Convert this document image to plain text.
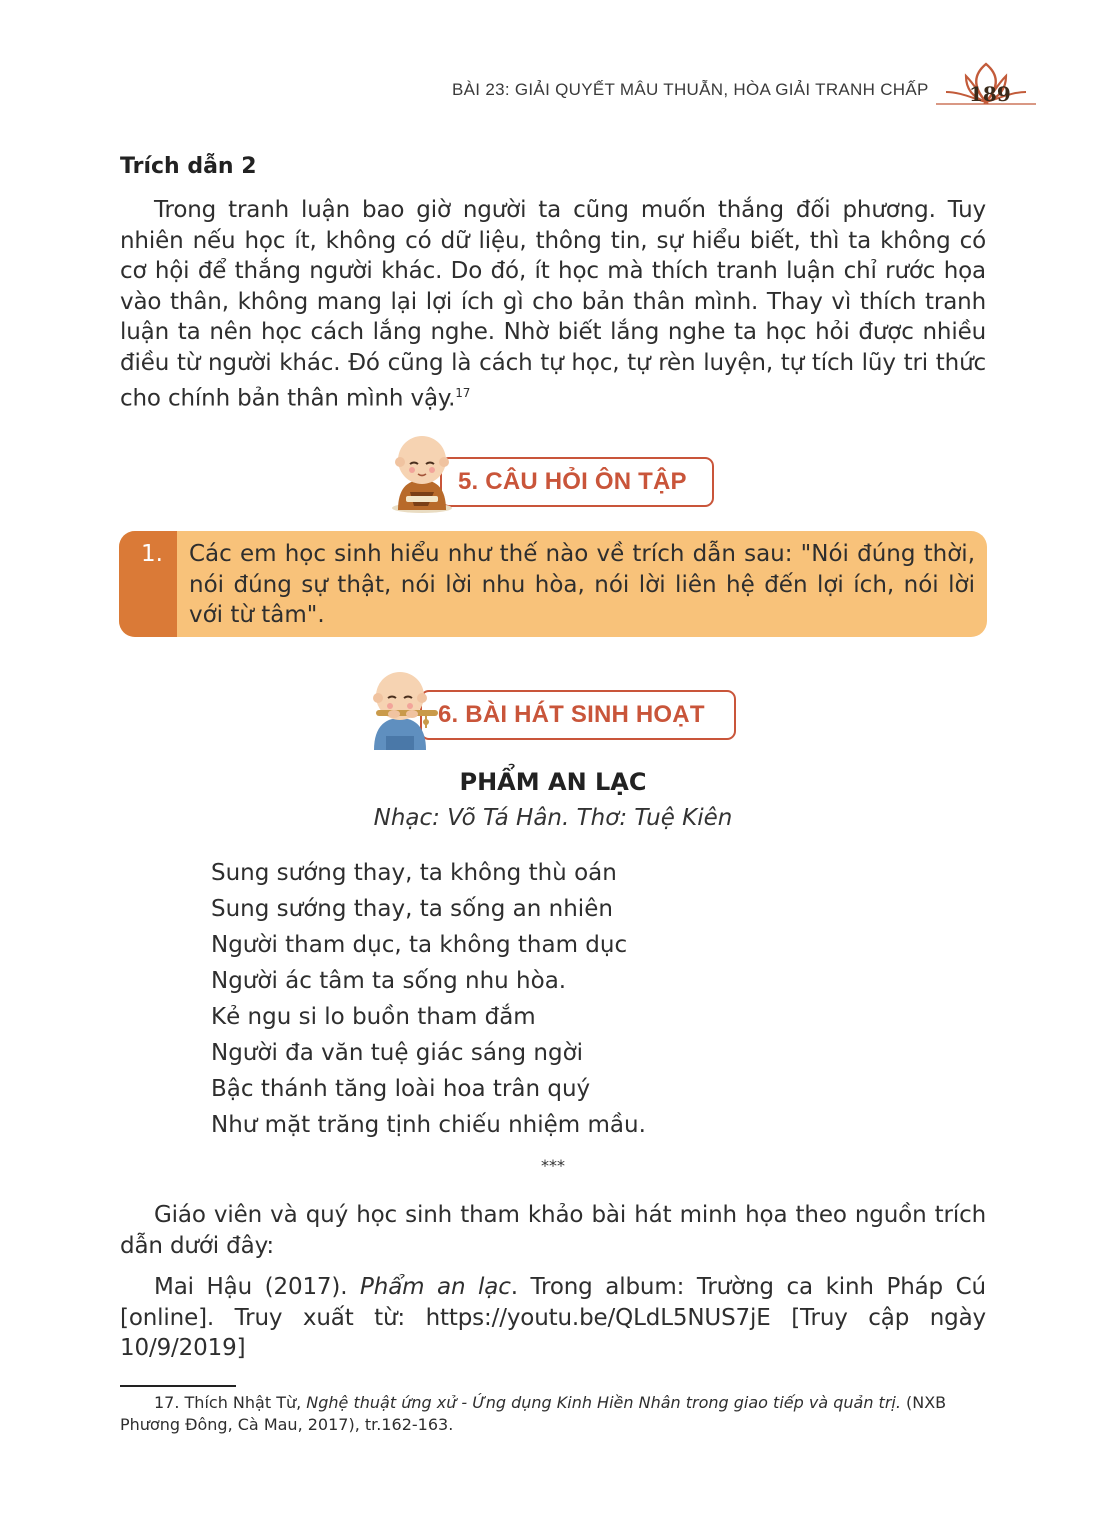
BÀI 23: GIẢI QUYẾT MÂU THUẪN, HÒA GIẢI TRANH CHẤP 189
Trích dẫn 2
Trong tranh luận bao giờ người ta cũng muốn thắng đối phương. Tuy nhiên nếu học ít, không có dữ liệu, thông tin, sự hiểu biết, thì ta không có cơ hội để thắng người khác. Do đó, ít học mà thích tranh luận chỉ rước họa vào thân, không mang lại lợi ích gì cho bản thân mình. Thay vì thích tranh luận ta nên học cách lắng nghe. Nhờ biết lắng nghe ta học hỏi được nhiều điều từ người khác. Đó cũng là cách tự học, tự rèn luyện, tự tích lũy tri thức cho chính bản thân mình vậy.$^{17}$
5. CÂU HỎI ÔN TẬP
1. Các em học sinh hiểu như thế nào về trích dẫn sau: "Nói đúng thời, nói đúng sự thật, nói lời nhu hòa, nói lời liên hệ đến lợi ích, nói lời với từ tâm".
6. BÀI HÁT SINH HOẠT
PHẨM AN LẠC
Nhạc: Võ Tá Hân. Thơ: Tuệ Kiên
Sung sướng thay, ta không thù oán
Sung sướng thay, ta sống an nhiên
Người tham dục, ta không tham dục
Người ác tâm ta sống nhu hòa.
Kẻ ngu si lo buồn tham đắm
Người đa văn tuệ giác sáng ngời
Bậc thánh tăng loài hoa trân quý
Như mặt trăng tịnh chiếu nhiệm mầu.
***
Giáo viên và quý học sinh tham khảo bài hát minh họa theo nguồn trích dẫn dưới đây:
Mai Hậu (2017). Phẩm an lạc. Trong album: Trường ca kinh Pháp Cú [online]. Truy xuất từ: https://youtu.be/QLdL5NUS7jE [Truy cập ngày 10/9/2019]
17. Thích Nhật Từ, Nghệ thuật ứng xử - Ứng dụng Kinh Hiền Nhân trong giao tiếp và quản trị. (NXB Phương Đông, Cà Mau, 2017), tr.162-163.
